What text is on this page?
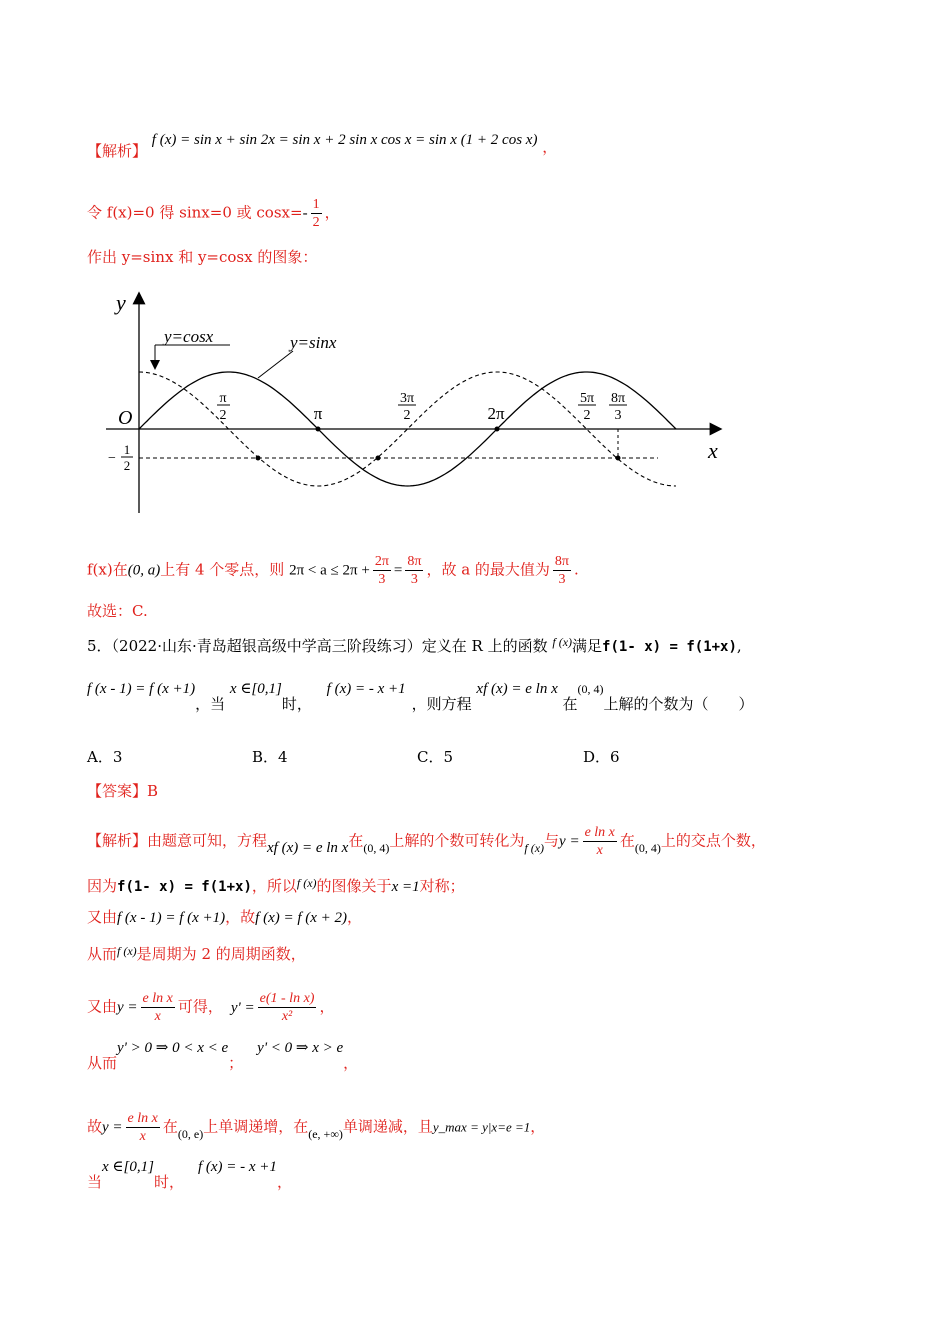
【解析】 f (x) = sin x + sin 2x = sin x + 2 sin x cos x = sin x (1 + 2 cos x) ，
令 f(x)=0 得 sinx=0 或 $\cos x=- \frac{1}{2}$ ，
作出 y=sinx 和 y=cosx 的图象：
y
x
O
y=cosx	y=sinx
π
2	π
3π
2	2π
5π
2
8π
3
−
1
2
f(x)在(0, a)上有 4 个零点，则 $2\pi < a \le 2\pi + \frac{2\pi}{3} = \frac{8\pi}{3}$ ，故 a 的最大值为 $\frac{8\pi}{3}$ .
故选：C.
5．（2022·山东·青岛超银高级中学高三阶段练习）定义在 R 上的函数 $^{f (x)}$满足f(1- x) = f(1+x),
f (x - 1) = f (x +1)，当 x ∈[0,1]时， f (x) = - x +1，则方程 xf (x) = e ln x 在$^{(0, 4)}$上解的个数为（　　）
A．3	B．4	C．5	D．6
【答案】B
【解析】由题意可知，方程xf (x) = e ln x在$_{(0, 4)}$上解的个数可转化为$_{f (x)}$与$y = \frac{\text{e ln x}}{x}$ 在$_{(0, 4)}$上的交点个数，
因为f(1- x) = f(1+x)，所以$^{f (x)}$的图像关于x =1对称；
又由f (x - 1) = f (x +1)，故f (x) = f (x + 2)，
从而$^{f (x)}$是周期为 2 的周期函数，
又由$y = \frac{\text{e ln x}}{x}$ 可得， $y' = \frac{\text{e(1 - ln x)}}{\text{x²}}$ ，
从而y' > 0 ⇒ 0 < x < e；y' < 0 ⇒ x > e，
故$y = \frac{\text{e ln x}}{x}$ 在$_{(0, e)}$上单调递增，在$_{(e, +\infty)}$单调递减，且y_max = y|x=e =1，
当x ∈[0,1]时，f (x) = - x +1，
